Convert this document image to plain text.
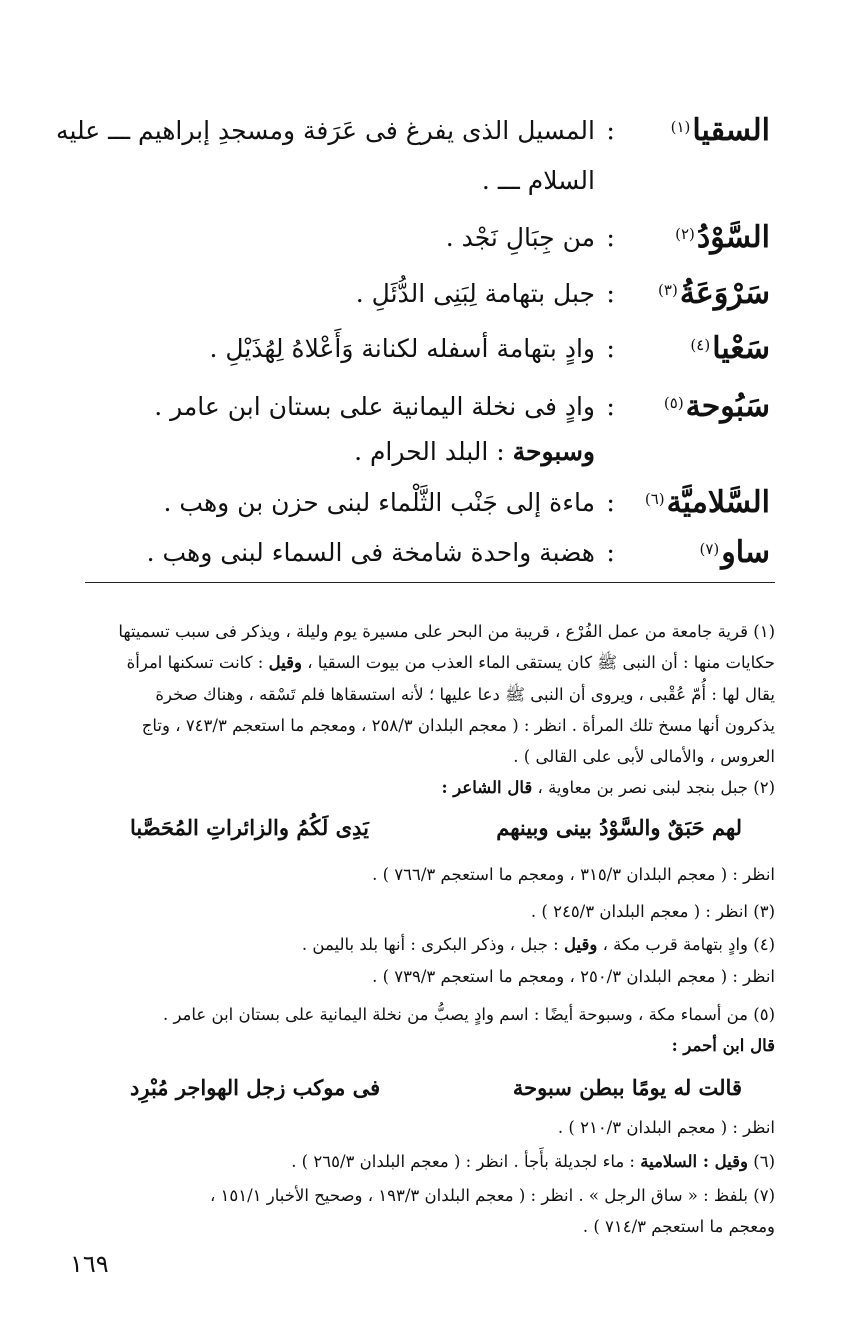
السقيا$^{(١)}$
:
المسيل الذى يفرغ فى عَرَفة ومسجدِ إبراهيم ـــ عليه
السلام ـــ .
السَّوْدُ$^{(٢)}$
:
من جِبَالِ نَجْد .
سَرْوَعَةُ$^{(٣)}$
:
جبل بتهامة لِبَنِى الدُّئَلِ .
سَعْيا$^{(٤)}$
:
وادٍ بتهامة أسفله لكنانة وَأَعْلاهُ لِهُذَيْلِ .
سَبُوحة$^{(٥)}$
:
وادٍ فى نخلة اليمانية على بستان ابن عامر .
وسبوحة : البلد الحرام .
السَّلاميَّة$^{(٦)}$
:
ماءة إلى جَنْب الثَّلْماء لبنى حزن بن وهب .
ساو$^{(٧)}$
:
هضبة واحدة شامخة فى السماء لبنى وهب .
(١) قرية جامعة من عمل الفُرْع ، قريبة من البحر على مسيرة يوم وليلة ، ويذكر فى سبب تسميتها
حكايات منها : أن النبى ﷺ كان يستقى الماء العذب من بيوت السقيا ، وقيل : كانت تسكنها امرأة
يقال لها : أُمّ عُقْبى ، ويروى أن النبى ﷺ دعا عليها ؛ لأنه استسقاها فلم تَسْقه ، وهناك صخرة
يذكرون أنها مسخ تلك المرأة . انظر : ( معجم البلدان ٢٥٨/٣ ، ومعجم ما استعجم ٧٤٣/٣ ، وتاج
العروس ، والأمالى لأبى على القالى ) .
(٢) جبل بنجد لبنى نصر بن معاوية ، قال الشاعر :
لهم حَبَقٌ والسَّوْدُ بينى وبينهم
يَدِى لَكُمُ والزائراتِ المُحَصَّبا
انظر : ( معجم البلدان ٣١٥/٣ ، ومعجم ما استعجم ٧٦٦/٣ ) .
(٣) انظر : ( معجم البلدان ٢٤٥/٣ ) .
(٤) وادٍ بتهامة قرب مكة ، وقيل : جبل ، وذكر البكرى : أنها بلد باليمن .
انظر : ( معجم البلدان ٢٥٠/٣ ، ومعجم ما استعجم ٧٣٩/٣ ) .
(٥) من أسماء مكة ، وسبوحة أيضًا : اسم وادٍ يصبُّ من نخلة اليمانية على بستان ابن عامر .
قال ابن أحمر :
قالت له يومًا ببطن سبوحة
فى موكب زجل الهواجر مُبْرِد
انظر : ( معجم البلدان ٢١٠/٣ ) .
(٦) وقيل : السلامية : ماء لجديلة بأَجأ . انظر : ( معجم البلدان ٢٦٥/٣ ) .
(٧) بلفظ : « ساق الرجل » . انظر : ( معجم البلدان ١٩٣/٣ ، وصحيح الأخبار ١٥١/١ ،
ومعجم ما استعجم ٧١٤/٣ ) .
١٦٩
